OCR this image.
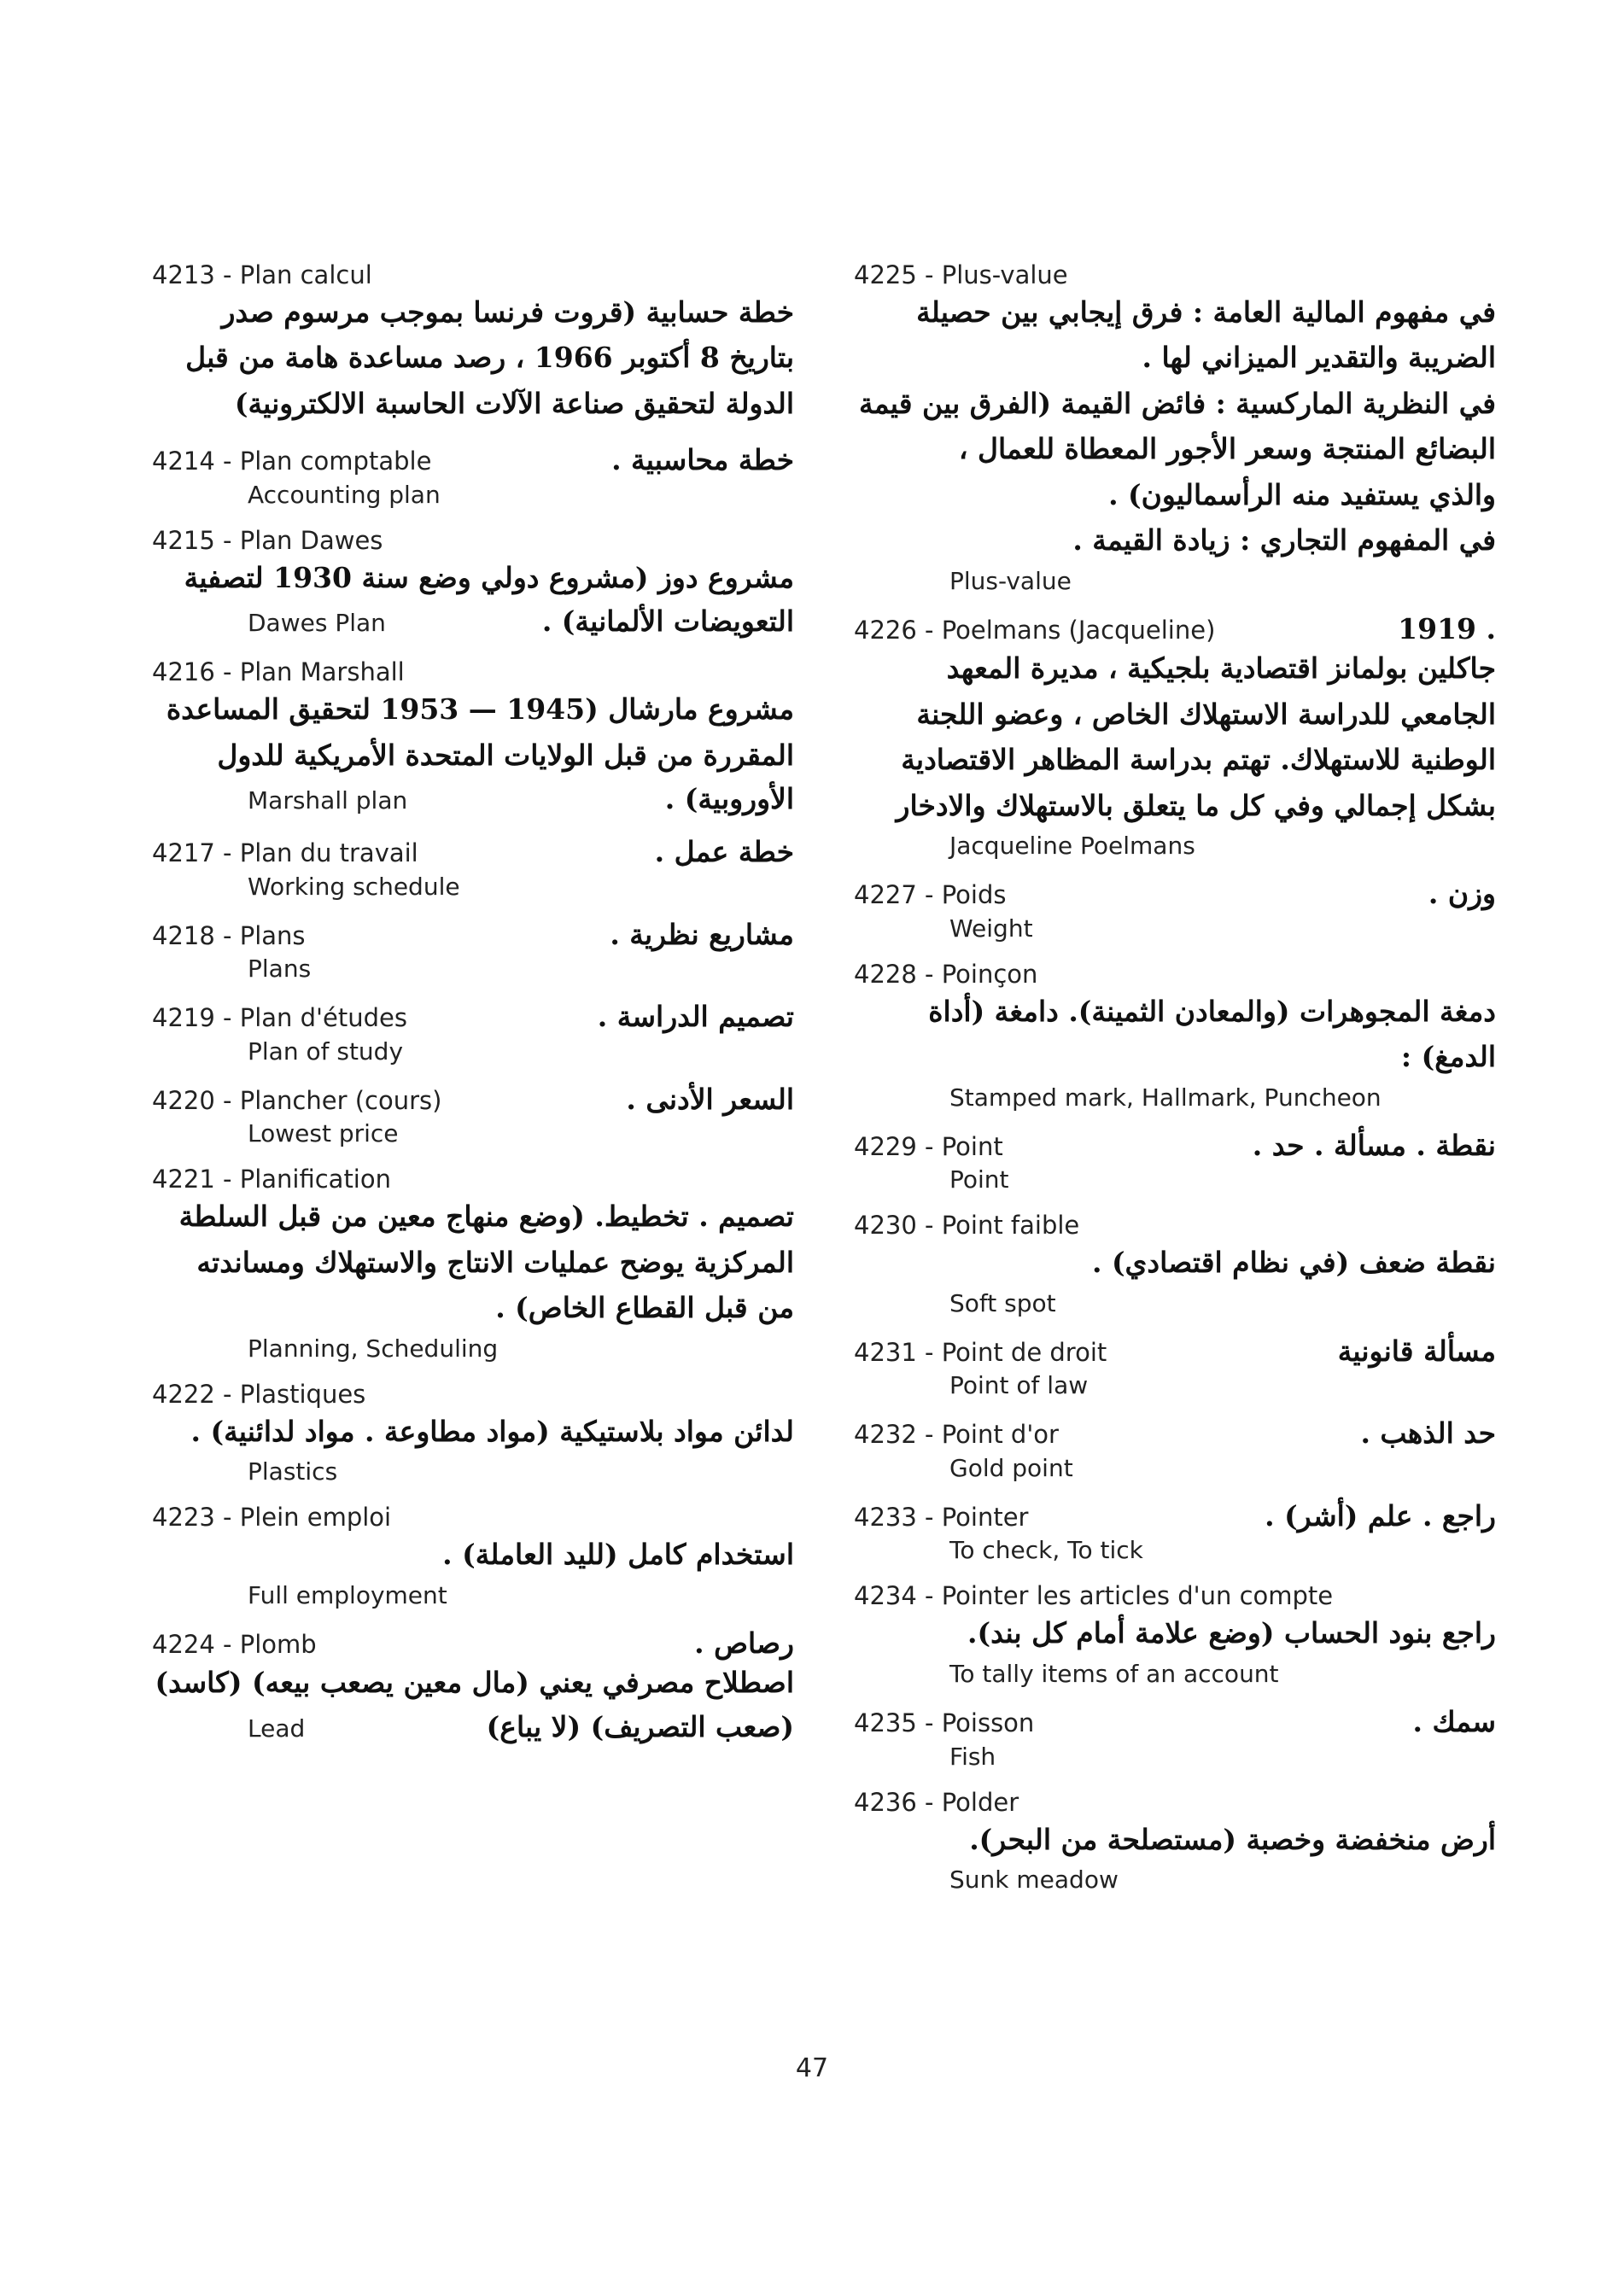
4213 - Plan calcul
خطة حسابية (قروت فرنسا بموجب مرسوم صدر
بتاريخ 8 أكتوبر 1966 ، رصد مساعدة هامة من قبل
الدولة لتحقيق صناعة الآلات الحاسبة الالكترونية)
4214 - Plan comptable	خطة محاسبية .
Accounting plan
4215 - Plan Dawes
مشروع دوز (مشروع دولي وضع سنة 1930 لتصفية
Dawes Plan	التعويضات الألمانية) .
4216 - Plan Marshall
مشروع مارشال (1945 — 1953 لتحقيق المساعدة
المقررة من قبل الولايات المتحدة الأمريكية للدول
Marshall plan	الأوروبية) .
4217 - Plan du travail	خطة عمل .
Working schedule
4218 - Plans	مشاريع نظرية .
Plans
4219 - Plan d'études	تصميم الدراسة .
Plan of study
4220 - Plancher (cours)	السعر الأدنى .
Lowest price
4221 - Planification
تصميم . تخطيط. (وضع منهاج معين من قبل السلطة
المركزية يوضح عمليات الانتاج والاستهلاك ومساندته
من قبل القطاع الخاص) .
Planning, Scheduling
4222 - Plastiques
لدائن مواد بلاستيكية (مواد مطاوعة . مواد لدائنية) .
Plastics
4223 - Plein emploi
استخدام كامل (لليد العاملة) .
Full employment
4224 - Plomb	رصاص .
اصطلاح مصرفي يعني (مال معين يصعب بيعه) (كاسد)
Lead	(صعب التصريف) (لا يباع)
4225 - Plus-value
في مفهوم المالية العامة : فرق إيجابي بين حصيلة
الضريبة والتقدير الميزاني لها .
في النظرية الماركسية : فائض القيمة (الفرق بين قيمة
البضائع المنتجة وسعر الأجور المعطاة للعمال ،
والذي يستفيد منه الرأسماليون) .
في المفهوم التجاري : زيادة القيمة .
Plus-value
4226 - Poelmans (Jacqueline)	. 1919
جاكلين بولمانز اقتصادية بلجيكية ، مديرة المعهد
الجامعي للدراسة الاستهلاك الخاص ، وعضو اللجنة
الوطنية للاستهلاك. تهتم بدراسة المظاهر الاقتصادية
بشكل إجمالي وفي كل ما يتعلق بالاستهلاك والادخار
Jacqueline Poelmans
4227 - Poids	وزن .
Weight
4228 - Poinçon
دمغة المجوهرات (والمعادن الثمينة). دامغة (أداة الدمغ) :
Stamped mark, Hallmark, Puncheon
4229 - Point	نقطة . مسألة . حد .
Point
4230 - Point faible
نقطة ضعف (في نظام اقتصادي) .
Soft spot
4231 - Point de droit	مسألة قانونية
Point of law
4232 - Point d'or	حد الذهب .
Gold point
4233 - Pointer	راجع . علم (أشر) .
To check, To tick
4234 - Pointer les articles d'un compte
راجع بنود الحساب (وضع علامة أمام كل بند).
To tally items of an account
4235 - Poisson	سمك .
Fish
4236 - Polder
أرض منخفضة وخصبة (مستصلحة من البحر).
Sunk meadow
47
